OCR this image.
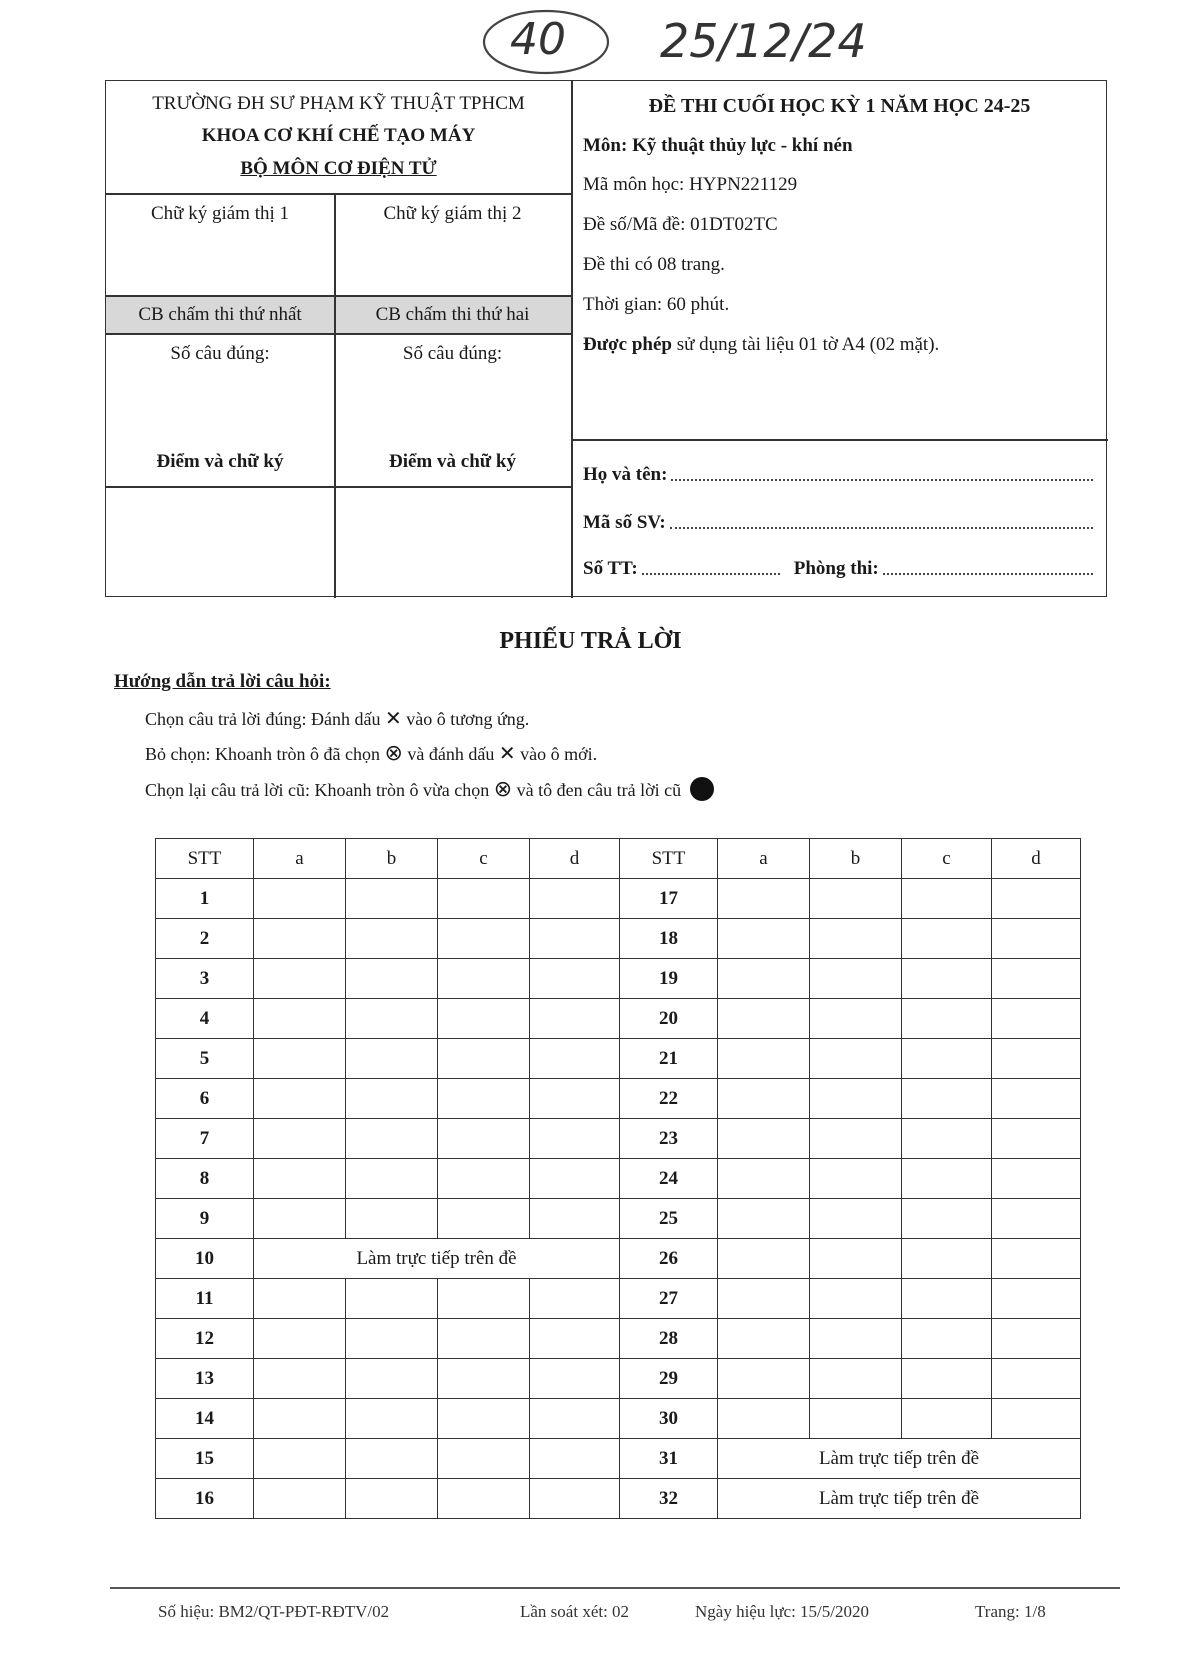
40 25/12/24
TRƯỜNG ĐH SƯ PHẠM KỸ THUẬT TPHCM
KHOA CƠ KHÍ CHẾ TẠO MÁY
BỘ MÔN CƠ ĐIỆN TỬ
Chữ ký giám thị 1	Chữ ký giám thị 2
CB chấm thi thứ nhất	CB chấm thi thứ hai
Số câu đúng:	Số câu đúng:
Điểm và chữ ký	Điểm và chữ ký
ĐỀ THI CUỐI HỌC KỲ 1 NĂM HỌC 24-25
Môn: Kỹ thuật thủy lực - khí nén
Mã môn học: HYPN221129
Đề số/Mã đề: 01DT02TC
Đề thi có 08 trang.
Thời gian: 60 phút.
Được phép sử dụng tài liệu 01 tờ A4 (02 mặt).
Họ và tên:
Mã số SV:
Số TT:	Phòng thi:
PHIẾU TRẢ LỜI
Hướng dẫn trả lời câu hỏi:
Chọn câu trả lời đúng: Đánh dấu ✕ vào ô tương ứng.
Bỏ chọn: Khoanh tròn ô đã chọn ⊗ và đánh dấu ✕ vào ô mới.
Chọn lại câu trả lời cũ: Khoanh tròn ô vừa chọn ⊗ và tô đen câu trả lời cũ
STT	a	b	c	d	STT	a	b	c	d
1					17				
2					18				
3					19				
4					20				
5					21				
6					22				
7					23				
8					24				
9					25				
10	Làm trực tiếp trên đề				26				
11					27				
12					28				
13					29				
14					30				
15					31	Làm trực tiếp trên đề			
16					32	Làm trực tiếp trên đề			
Số hiệu: BM2/QT-PĐT-RĐTV/02	Lần soát xét: 02	Ngày hiệu lực: 15/5/2020	Trang: 1/8
